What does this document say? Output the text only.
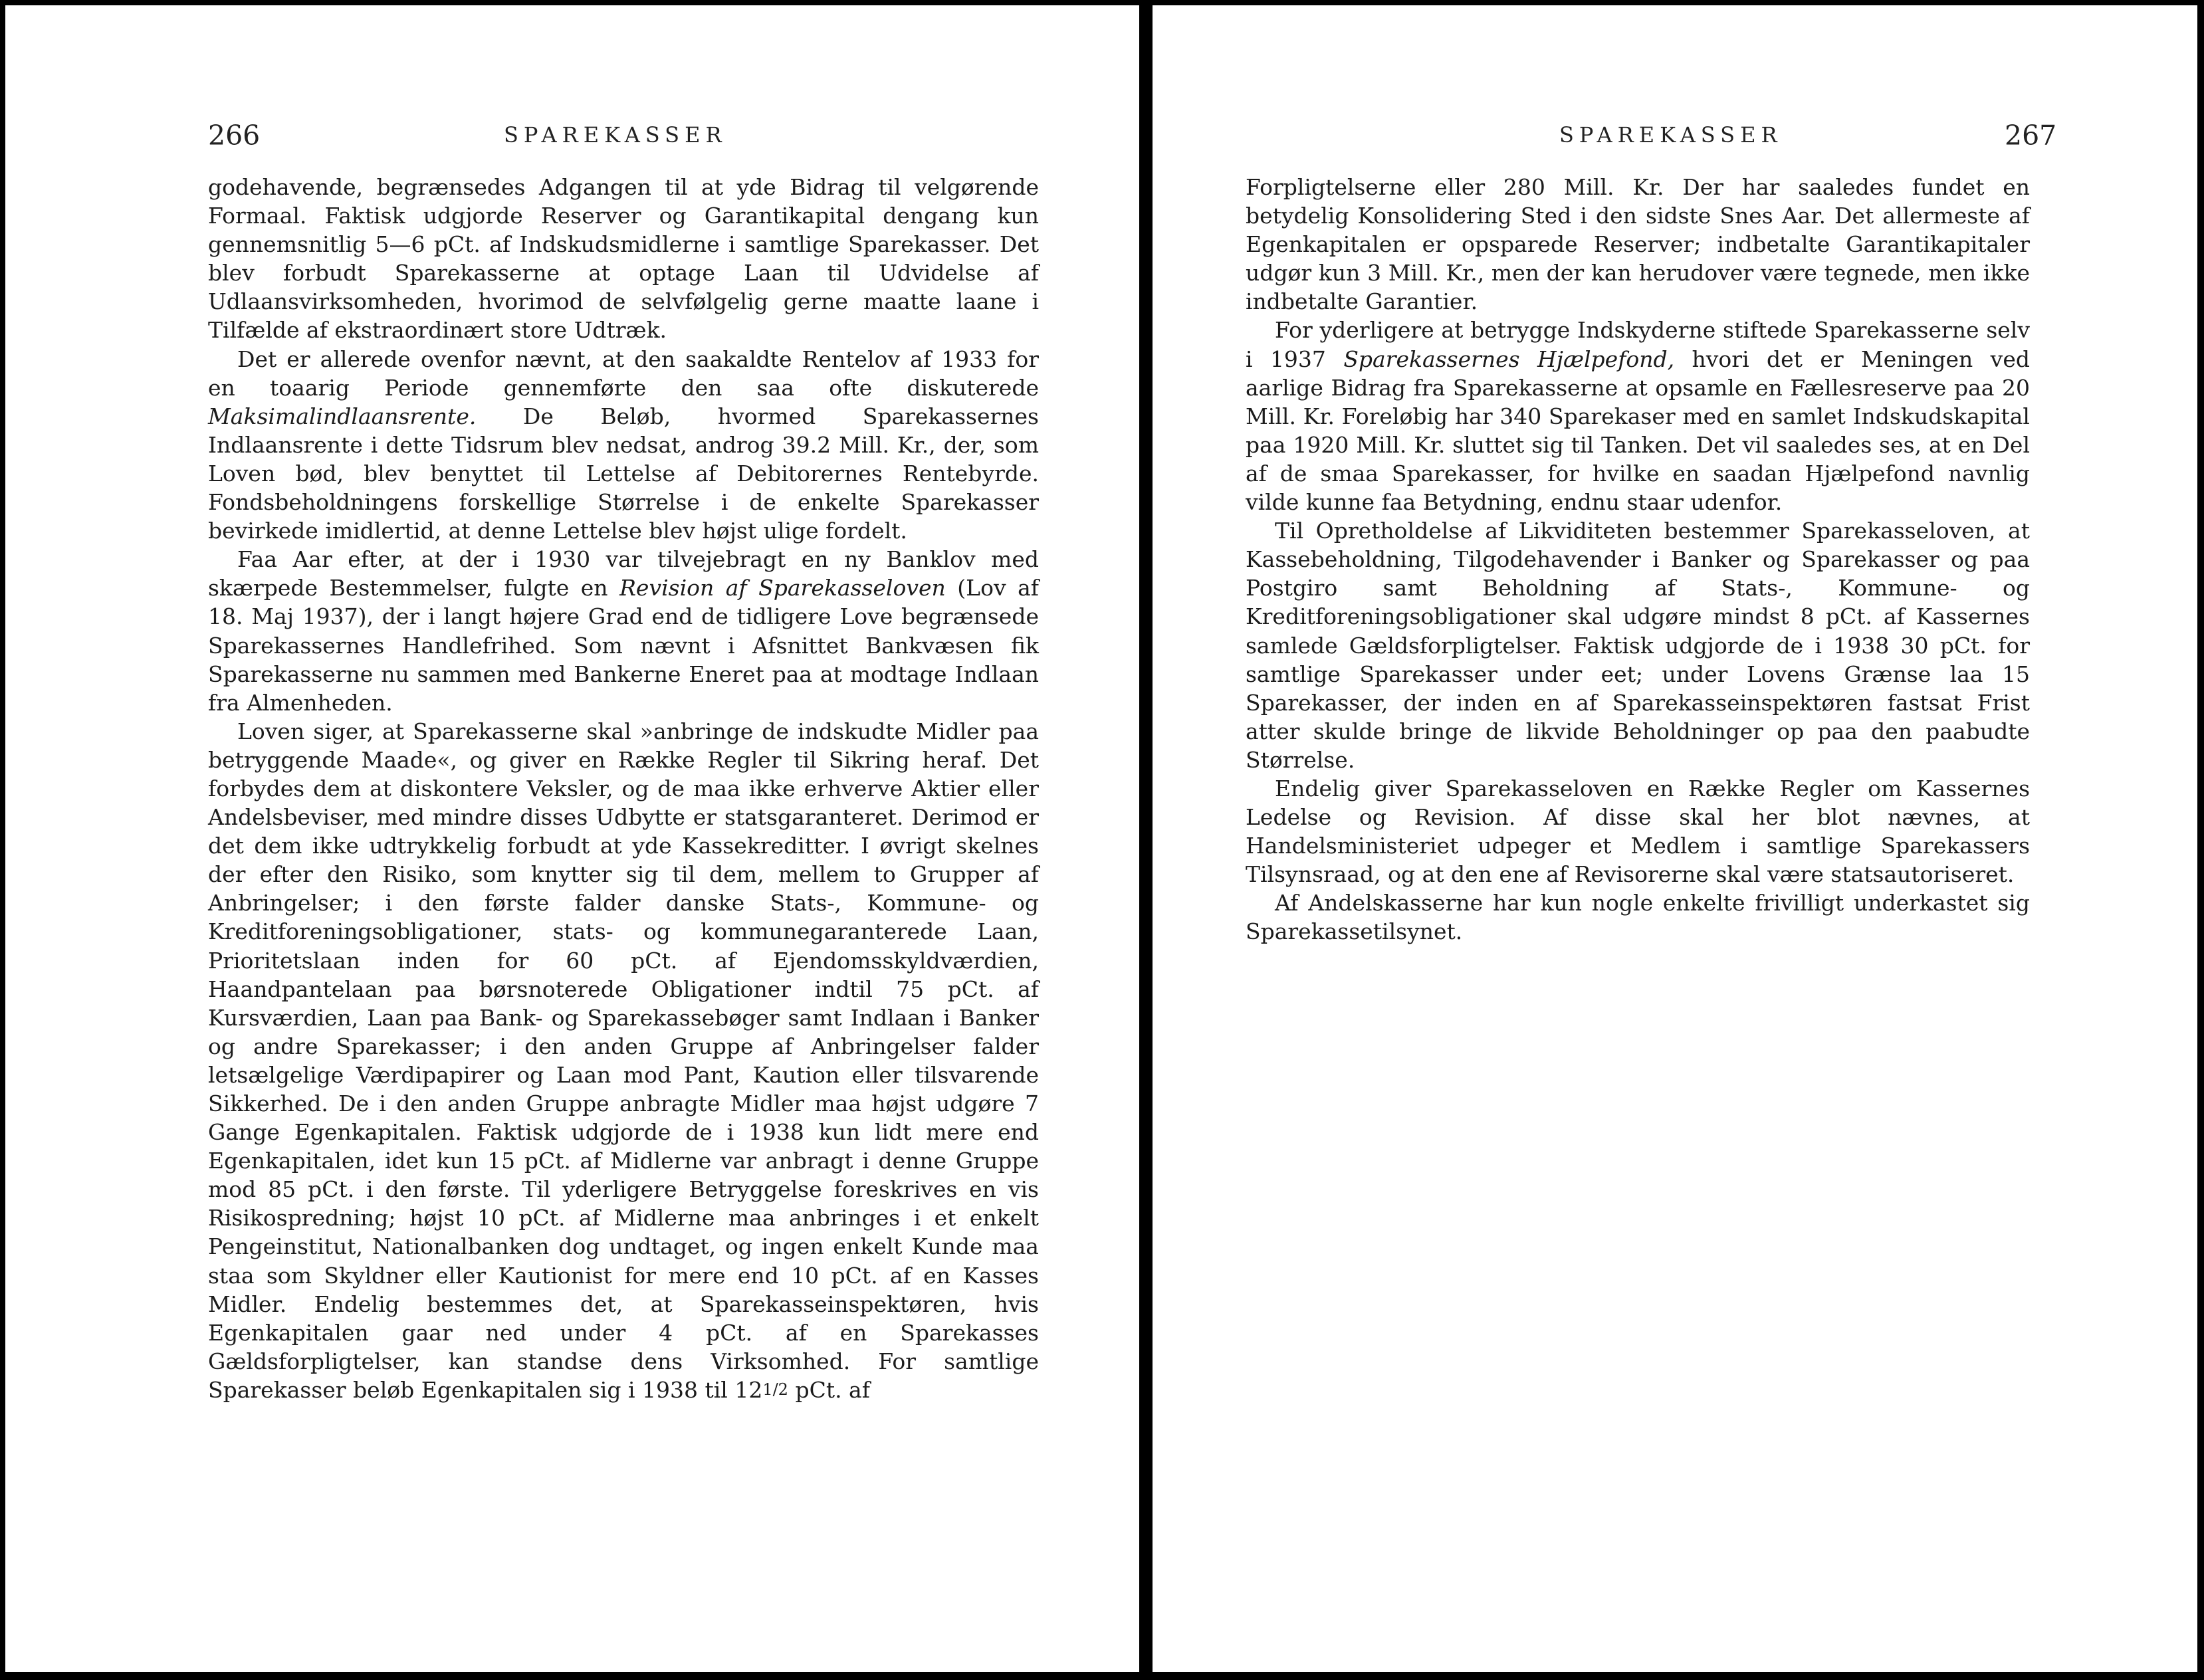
266	SPAREKASSER

godehavende, begrænsedes Adgangen til at yde Bidrag til velgørende Formaal. Faktisk udgjorde Reserver og Garantikapital dengang kun gennemsnitlig 5—6 pCt. af Indskudsmidlerne i samtlige Sparekasser. Det blev forbudt Sparekasserne at optage Laan til Udvidelse af Udlaansvirksomheden, hvorimod de selvfølgelig gerne maatte laane i Tilfælde af ekstraordinært store Udtræk.

Det er allerede ovenfor nævnt, at den saakaldte Rentelov af 1933 for en toaarig Periode gennemførte den saa ofte diskuterede Maksimalindlaansrente. De Beløb, hvormed Sparekassernes Indlaansrente i dette Tidsrum blev nedsat, androg 39.2 Mill. Kr., der, som Loven bød, blev benyttet til Lettelse af Debitorernes Rentebyrde. Fondsbeholdningens forskellige Størrelse i de enkelte Sparekasser bevirkede imidlertid, at denne Lettelse blev højst ulige fordelt.

Faa Aar efter, at der i 1930 var tilvejebragt en ny Banklov med skærpede Bestemmelser, fulgte en Revision af Sparekasseloven (Lov af 18. Maj 1937), der i langt højere Grad end de tidligere Love begrænsede Sparekassernes Handlefrihed. Som nævnt i Afsnittet Bankvæsen fik Sparekasserne nu sammen med Bankerne Eneret paa at modtage Indlaan fra Almenheden.

Loven siger, at Sparekasserne skal »anbringe de indskudte Midler paa betryggende Maade«, og giver en Række Regler til Sikring heraf. Det forbydes dem at diskontere Veksler, og de maa ikke erhverve Aktier eller Andelsbeviser, med mindre disses Udbytte er statsgaranteret. Derimod er det dem ikke udtrykkelig forbudt at yde Kassekreditter. I øvrigt skelnes der efter den Risiko, som knytter sig til dem, mellem to Grupper af Anbringelser; i den første falder danske Stats-, Kommune- og Kreditforeningsobligationer, stats- og kommunegaranterede Laan, Prioritetslaan inden for 60 pCt. af Ejendomsskyldværdien, Haandpantelaan paa børsnoterede Obligationer indtil 75 pCt. af Kursværdien, Laan paa Bank- og Sparekassebøger samt Indlaan i Banker og andre Sparekasser; i den anden Gruppe af Anbringelser falder letsælgelige Værdipapirer og Laan mod Pant, Kaution eller tilsvarende Sikkerhed. De i den anden Gruppe anbragte Midler maa højst udgøre 7 Gange Egenkapitalen. Faktisk udgjorde de i 1938 kun lidt mere end Egenkapitalen, idet kun 15 pCt. af Midlerne var anbragt i denne Gruppe mod 85 pCt. i den første. Til yderligere Betryggelse foreskrives en vis Risikospredning; højst 10 pCt. af Midlerne maa anbringes i et enkelt Pengeinstitut, Nationalbanken dog undtaget, og ingen enkelt Kunde maa staa som Skyldner eller Kautionist for mere end 10 pCt. af en Kasses Midler. Endelig bestemmes det, at Sparekasseinspektøren, hvis Egenkapitalen gaar ned under 4 pCt. af en Sparekasses Gældsforpligtelser, kan standse dens Virksomhed. For samtlige Sparekasser beløb Egenkapitalen sig i 1938 til 121/2 pCt. af

SPAREKASSER	267

Forpligtelserne eller 280 Mill. Kr. Der har saaledes fundet en betydelig Konsolidering Sted i den sidste Snes Aar. Det allermeste af Egenkapitalen er opsparede Reserver; indbetalte Garantikapitaler udgør kun 3 Mill. Kr., men der kan herudover være tegnede, men ikke indbetalte Garantier.

For yderligere at betrygge Indskyderne stiftede Sparekasserne selv i 1937 Sparekassernes Hjælpefond, hvori det er Meningen ved aarlige Bidrag fra Sparekasserne at opsamle en Fællesreserve paa 20 Mill. Kr. Foreløbig har 340 Sparekaser med en samlet Indskudskapital paa 1920 Mill. Kr. sluttet sig til Tanken. Det vil saaledes ses, at en Del af de smaa Sparekasser, for hvilke en saadan Hjælpefond navnlig vilde kunne faa Betydning, endnu staar udenfor.

Til Opretholdelse af Likviditeten bestemmer Sparekasseloven, at Kassebeholdning, Tilgodehavender i Banker og Sparekasser og paa Postgiro samt Beholdning af Stats-, Kommune- og Kreditforeningsobligationer skal udgøre mindst 8 pCt. af Kassernes samlede Gældsforpligtelser. Faktisk udgjorde de i 1938 30 pCt. for samtlige Sparekasser under eet; under Lovens Grænse laa 15 Sparekasser, der inden en af Sparekasseinspektøren fastsat Frist atter skulde bringe de likvide Beholdninger op paa den paabudte Størrelse.

Endelig giver Sparekasseloven en Række Regler om Kassernes Ledelse og Revision. Af disse skal her blot nævnes, at Handelsministeriet udpeger et Medlem i samtlige Sparekassers Tilsynsraad, og at den ene af Revisorerne skal være statsautoriseret.

Af Andelskasserne har kun nogle enkelte frivilligt underkastet sig Sparekassetilsynet.
